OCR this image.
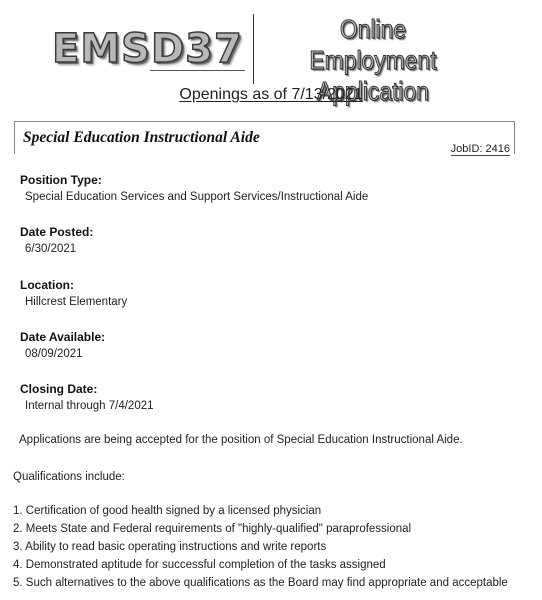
EMSD37	Online Employment
Application
Openings as of 7/13/2021
Special Education Instructional Aide
JobID: 2416

Position Type:

Special Education Services and Support Services/Instructional Aide

Date Posted:

6/30/2021

Location:

Hillcrest Elementary

Date Available:

08/09/2021

Closing Date:

Internal through 7/4/2021

Applications are being accepted for the position of Special Education Instructional Aide.
Qualifications include:
1. Certification of good health signed by a licensed physician
2. Meets State and Federal requirements of "highly-qualified" paraprofessional
3. Ability to read basic operating instructions and write reports
4. Demonstrated aptitude for successful completion of the tasks assigned
5. Such alternatives to the above qualifications as the Board may find appropriate and acceptable
